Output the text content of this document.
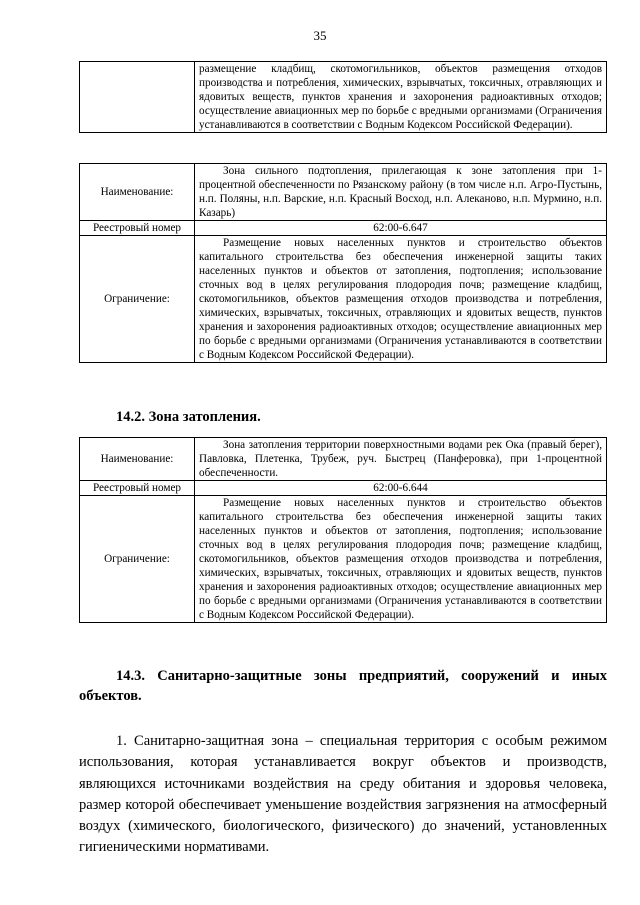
35
	размещение кладбищ, скотомогильников, объектов размещения отходов производства и потребления, химических, взрывчатых, токсичных, отравляющих и ядовитых веществ, пунктов хранения и захоронения радиоактивных отходов; осуществление авиационных мер по борьбе с вредными организмами (Ограничения устанавливаются в соответствии с Водным Кодексом Российской Федерации).
Наименование:	Зона сильного подтопления, прилегающая к зоне затопления при 1-процентной обеспеченности по Рязанскому району (в том числе н.п. Агро-Пустынь, н.п. Поляны, н.п. Варские, н.п. Красный Восход, н.п. Алеканово, н.п. Мурмино, н.п. Казарь)
Реестровый номер	62:00-6.647
Ограничение:	Размещение новых населенных пунктов и строительство объектов капитального строительства без обеспечения инженерной защиты таких населенных пунктов и объектов от затопления, подтопления; использование сточных вод в целях регулирования плодородия почв; размещение кладбищ, скотомогильников, объектов размещения отходов производства и потребления, химических, взрывчатых, токсичных, отравляющих и ядовитых веществ, пунктов хранения и захоронения радиоактивных отходов; осуществление авиационных мер по борьбе с вредными организмами (Ограничения устанавливаются в соответствии с Водным Кодексом Российской Федерации).
14.2. Зона затопления.
Наименование:	Зона затопления территории поверхностными водами рек Ока (правый берег), Павловка, Плетенка, Трубеж, руч. Быстрец (Панферовка), при 1-процентной обеспеченности.
Реестровый номер	62:00-6.644
Ограничение:	Размещение новых населенных пунктов и строительство объектов капитального строительства без обеспечения инженерной защиты таких населенных пунктов и объектов от затопления, подтопления; использование сточных вод в целях регулирования плодородия почв; размещение кладбищ, скотомогильников, объектов размещения отходов производства и потребления, химических, взрывчатых, токсичных, отравляющих и ядовитых веществ, пунктов хранения и захоронения радиоактивных отходов; осуществление авиационных мер по борьбе с вредными организмами (Ограничения устанавливаются в соответствии с Водным Кодексом Российской Федерации).
14.3. Санитарно-защитные зоны предприятий, сооружений и иных объектов.
1. Санитарно-защитная зона – специальная территория с особым режимом использования, которая устанавливается вокруг объектов и производств, являющихся источниками воздействия на среду обитания и здоровья человека, размер которой обеспечивает уменьшение воздействия загрязнения на атмосферный воздух (химического, биологического, физического) до значений, установленных гигиеническими нормативами.
